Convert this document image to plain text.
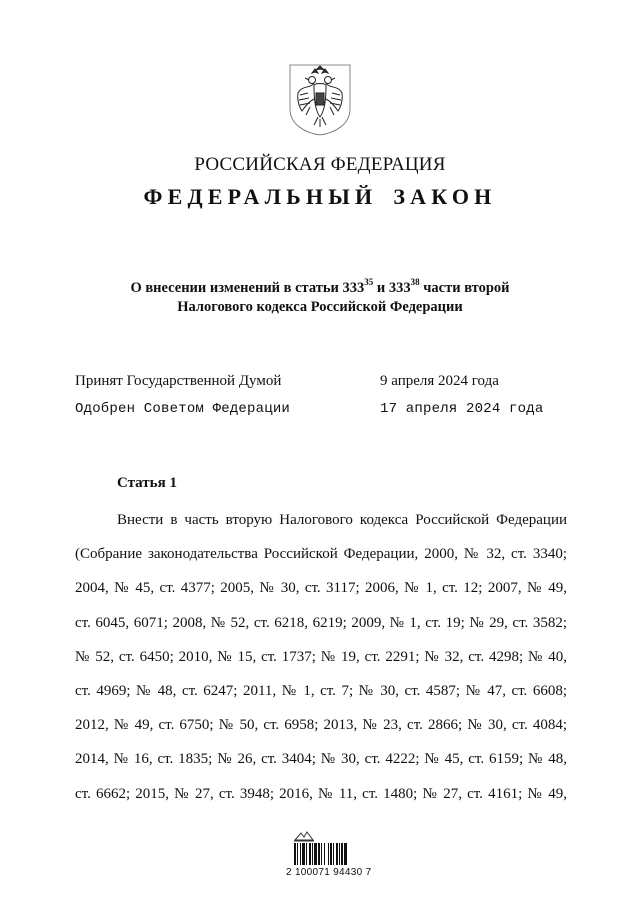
РОССИЙСКАЯ ФЕДЕРАЦИЯ
ФЕДЕРАЛЬНЫЙ ЗАКОН
О внесении изменений в статьи $333^{35}$ и $333^{38}$ части второй
Налогового кодекса Российской Федерации
Принят Государственной Думой	9 апреля 2024 года
Одобрен Советом Федерации	17 апреля 2024 года
Статья 1
Внести в часть вторую Налогового кодекса Российской Федерации
(Собрание законодательства Российской Федерации, 2000, № 32, ст. 3340;
2004, № 45, ст. 4377; 2005, № 30, ст. 3117; 2006, № 1, ст. 12; 2007, № 49,
ст. 6045, 6071; 2008, № 52, ст. 6218, 6219; 2009, № 1, ст. 19; № 29, ст. 3582;
№ 52, ст. 6450; 2010, № 15, ст. 1737; № 19, ст. 2291; № 32, ст. 4298; № 40,
ст. 4969; № 48, ст. 6247; 2011, № 1, ст. 7; № 30, ст. 4587; № 47, ст. 6608;
2012, № 49, ст. 6750; № 50, ст. 6958; 2013, № 23, ст. 2866; № 30, ст. 4084;
2014, № 16, ст. 1835; № 26, ст. 3404; № 30, ст. 4222; № 45, ст. 6159; № 48,
ст. 6662; 2015, № 27, ст. 3948; 2016, № 11, ст. 1480; № 27, ст. 4161; № 49,
2 100071 94430 7
